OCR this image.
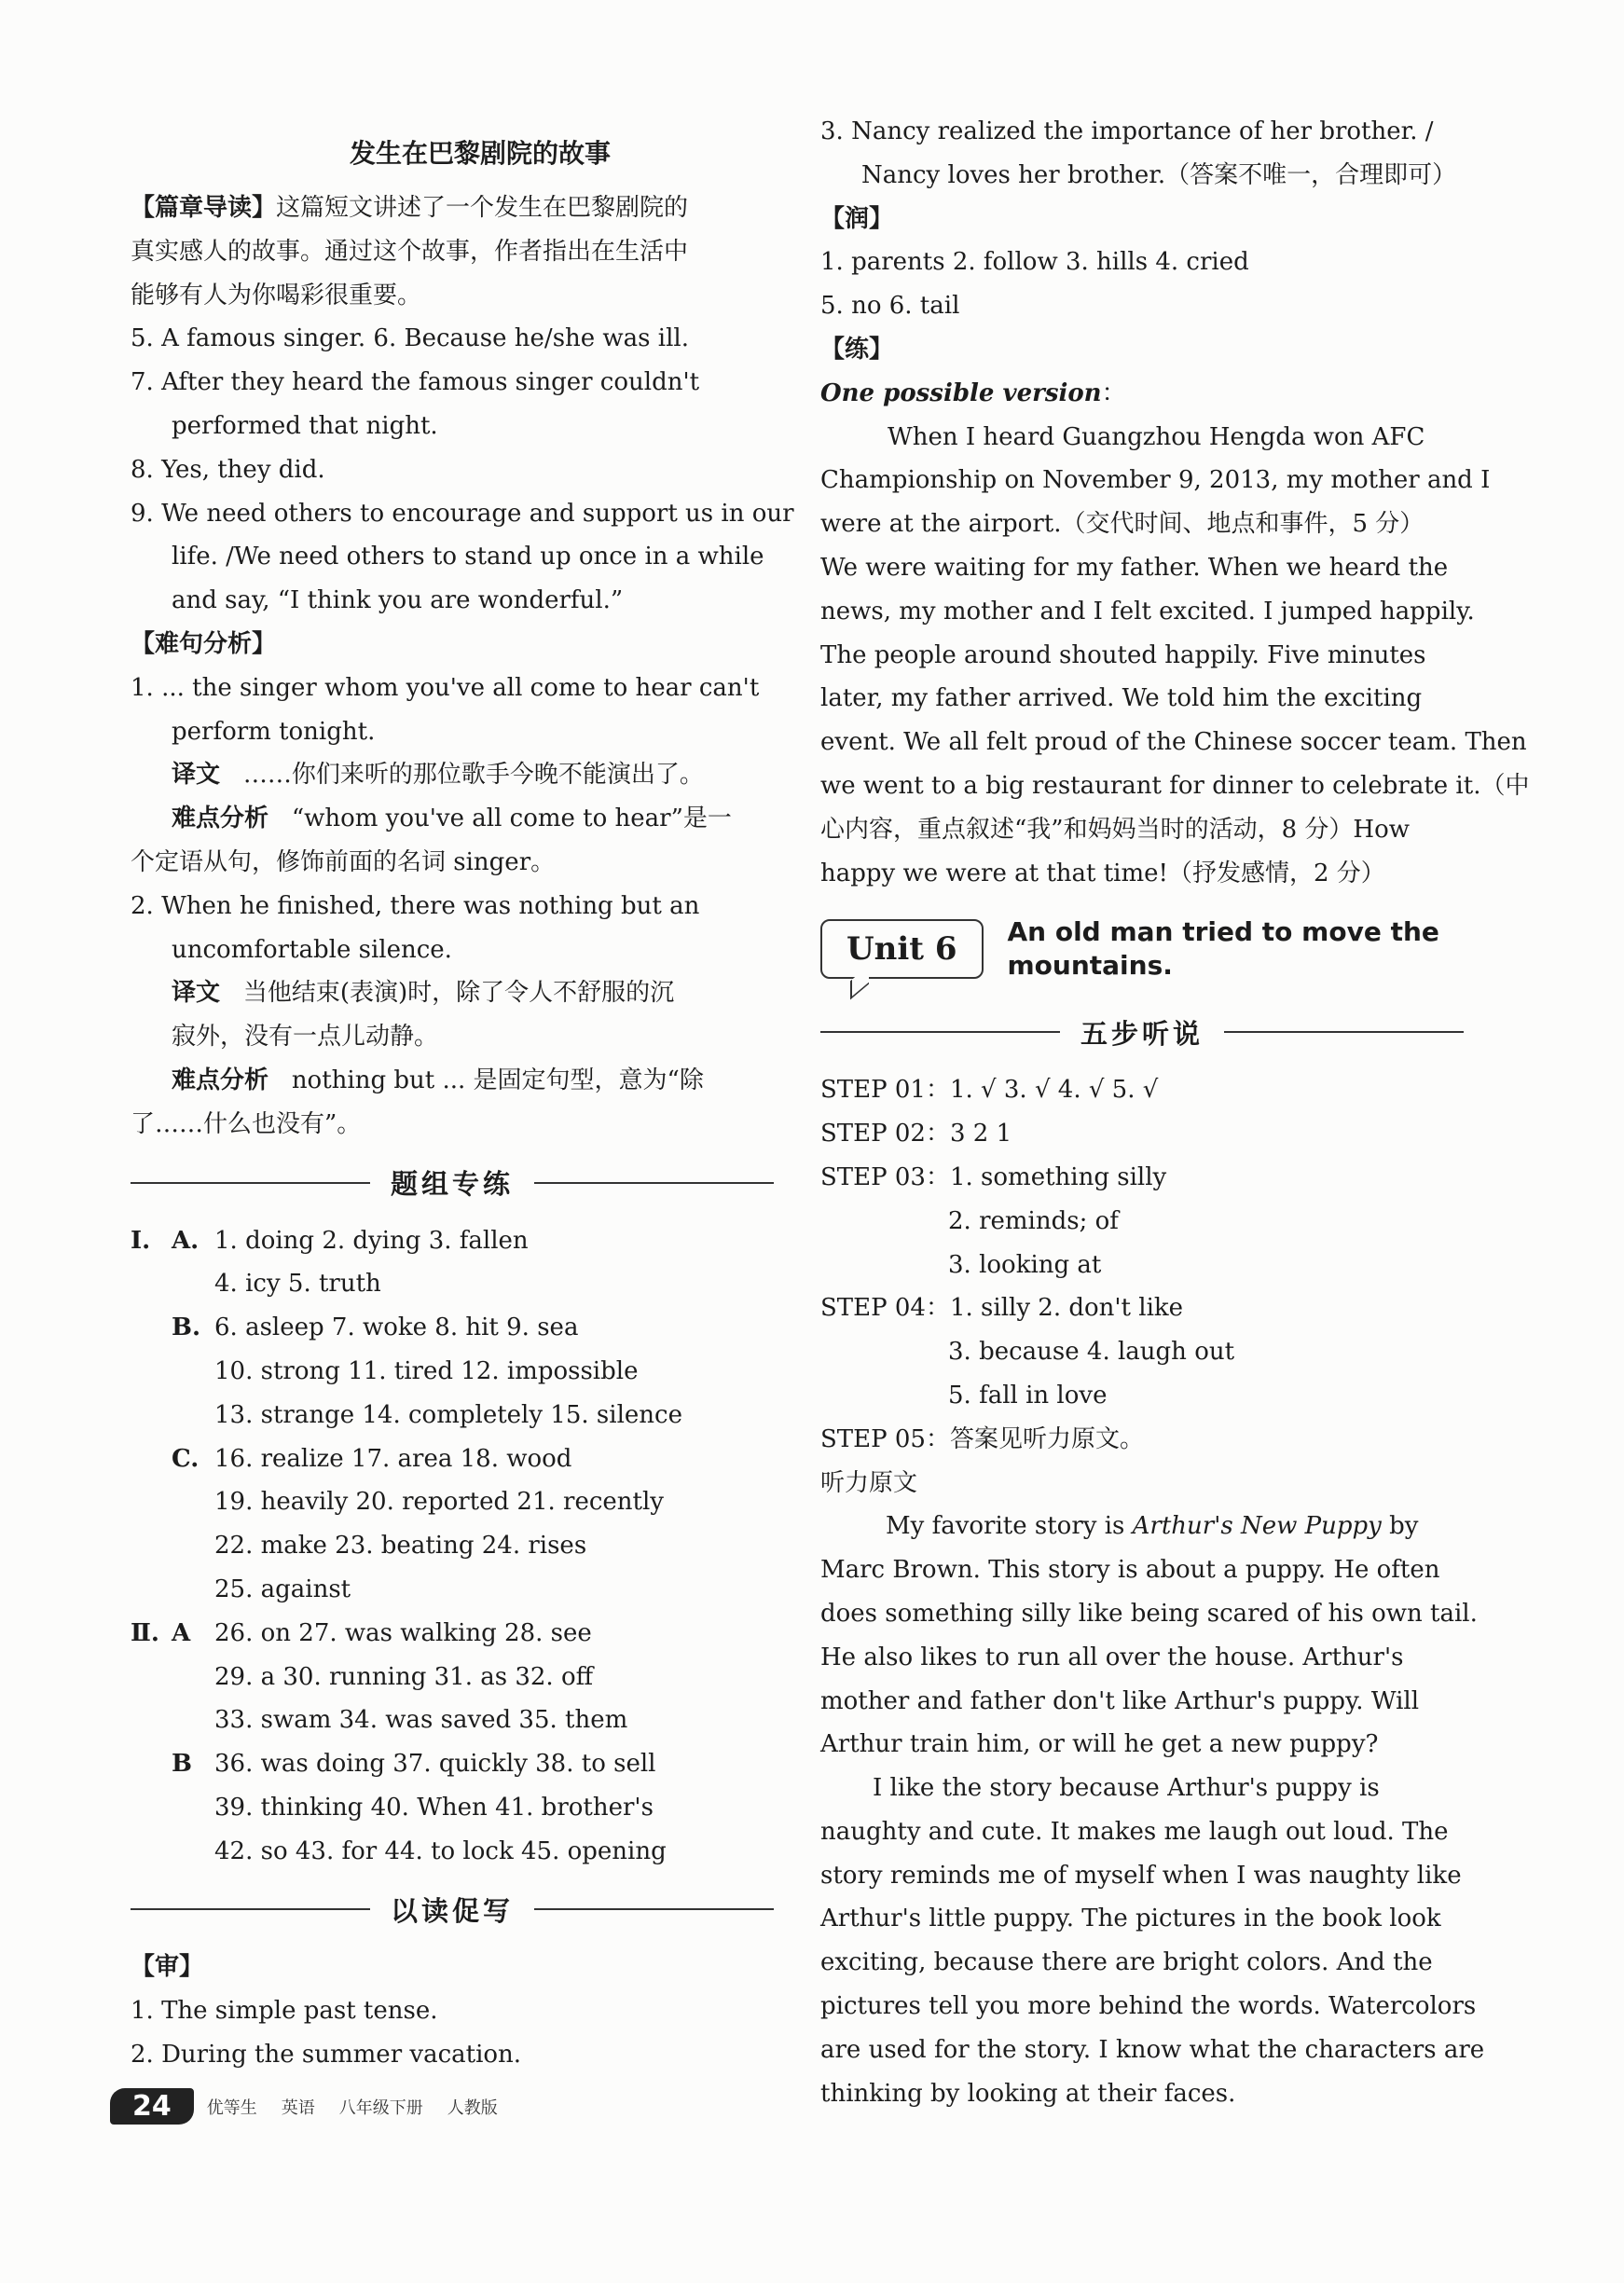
发生在巴黎剧院的故事
【篇章导读】这篇短文讲述了一个发生在巴黎剧院的
真实感人的故事。通过这个故事，作者指出在生活中
能够有人为你喝彩很重要。
5. A famous singer. 6. Because he/she was ill.
7. After they heard the famous singer couldn't
performed that night.
8. Yes, they did.
9. We need others to encourage and support us in our
life. /We need others to stand up once in a while
and say, “I think you are wonderful.”
【难句分析】
1. ... the singer whom you've all come to hear can't
perform tonight.
译文 ……你们来听的那位歌手今晚不能演出了。
难点分析 “whom you've all come to hear”是一
个定语从句，修饰前面的名词 singer。
2. When he finished, there was nothing but an
uncomfortable silence.
译文 当他结束(表演)时，除了令人不舒服的沉
寂外，没有一点儿动静。
难点分析 nothing but ... 是固定句型，意为“除
了……什么也没有”。
题组专练
Ⅰ. A. 1. doing 2. dying 3. fallen
4. icy 5. truth
B. 6. asleep 7. woke 8. hit 9. sea
10. strong 11. tired 12. impossible
13. strange 14. completely 15. silence
C. 16. realize 17. area 18. wood
19. heavily 20. reported 21. recently
22. make 23. beating 24. rises
25. against
Ⅱ. A 26. on 27. was walking 28. see
29. a 30. running 31. as 32. off
33. swam 34. was saved 35. them
B 36. was doing 37. quickly 38. to sell
39. thinking 40. When 41. brother's
42. so 43. for 44. to lock 45. opening
以读促写
【审】
1. The simple past tense.
2. During the summer vacation.
3. Nancy realized the importance of her brother. /
Nancy loves her brother.（答案不唯一，合理即可）
【润】
1. parents 2. follow 3. hills 4. cried
5. no 6. tail
【练】
One possible version：
When I heard Guangzhou Hengda won AFC
Championship on November 9, 2013, my mother and I
were at the airport.（交代时间、地点和事件，5 分）
We were waiting for my father. When we heard the
news, my mother and I felt excited. I jumped happily.
The people around shouted happily. Five minutes
later, my father arrived. We told him the exciting
event. We all felt proud of the Chinese soccer team. Then
we went to a big restaurant for dinner to celebrate it.（中
心内容，重点叙述“我”和妈妈当时的活动，8 分）How
happy we were at that time!（抒发感情，2 分）
Unit 6	An old man tried to move the
mountains.
五步听说
STEP 01：1. √ 3. √ 4. √ 5. √
STEP 02：3 2 1
STEP 03：1. something silly
2. reminds; of
3. looking at
STEP 04：1. silly 2. don't like
3. because 4. laugh out
5. fall in love
STEP 05：答案见听力原文。
听力原文
My favorite story is Arthur's New Puppy by
Marc Brown. This story is about a puppy. He often
does something silly like being scared of his own tail.
He also likes to run all over the house. Arthur's
mother and father don't like Arthur's puppy. Will
Arthur train him, or will he get a new puppy?
I like the story because Arthur's puppy is
naughty and cute. It makes me laugh out loud. The
story reminds me of myself when I was naughty like
Arthur's little puppy. The pictures in the book look
exciting, because there are bright colors. And the
pictures tell you more behind the words. Watercolors
are used for the story. I know what the characters are
thinking by looking at their faces.
24	优等生 英语 八年级下册 人教版
